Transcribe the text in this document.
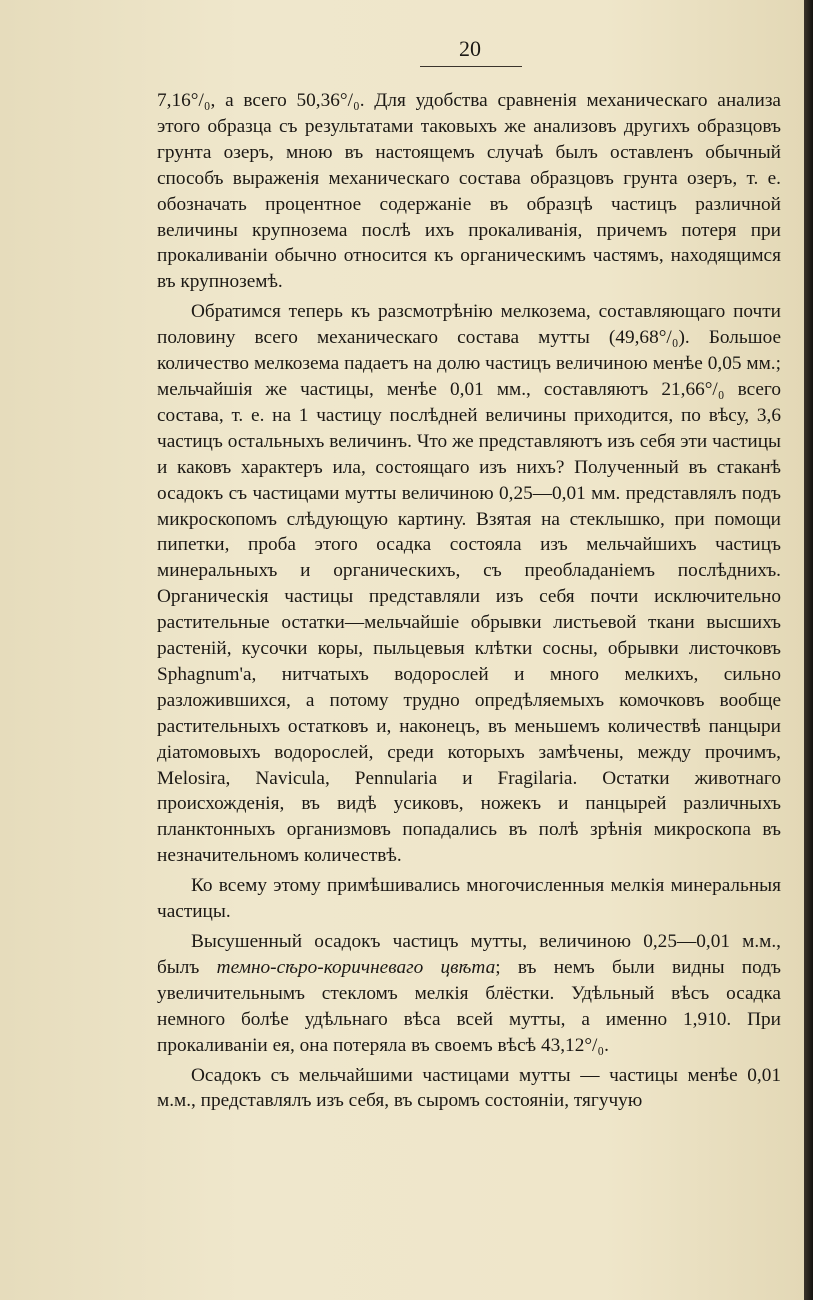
20

7,16°/₀, а всего 50,36°/₀. Для удобства сравненія механическаго анализа этого образца съ результатами таковыхъ же анализовъ другихъ образцовъ грунта озеръ, мною въ настоящемъ случаѣ былъ оставленъ обычный способъ выраженія механическаго состава образцовъ грунта озеръ, т. е. обозначать процентное содержаніе въ образцѣ частицъ различной величины крупнозема послѣ ихъ прокаливанія, причемъ потеря при прокаливаніи обычно относится къ органическимъ частямъ, находящимся въ крупноземѣ.

Обратимся теперь къ разсмотрѣнію мелкозема, составляющаго почти половину всего механическаго состава мутты (49,68°/₀). Большое количество мелкозема падаетъ на долю частицъ величиною менѣе 0,05 мм.; мельчайшія же частицы, менѣе 0,01 мм., составляютъ 21,66°/₀ всего состава, т. е. на 1 частицу послѣдней величины приходится, по вѣсу, 3,6 частицъ остальныхъ величинъ. Что же представляютъ изъ себя эти частицы и каковъ характеръ ила, состоящаго изъ нихъ? Полученный въ стаканѣ осадокъ съ частицами мутты величиною 0,25—0,01 мм. представлялъ подъ микроскопомъ слѣдующую картину. Взятая на стеклышко, при помощи пипетки, проба этого осадка состояла изъ мельчайшихъ частицъ минеральныхъ и органическихъ, съ преобладаніемъ послѣднихъ. Органическія частицы представляли изъ себя почти исключительно растительные остатки—мельчайшіе обрывки листьевой ткани высшихъ растеній, кусочки коры, пыльцевыя клѣтки сосны, обрывки листочковъ Sphagnum'a, нитчатыхъ водорослей и много мелкихъ, сильно разложившихся, а потому трудно опредѣляемыхъ комочковъ вообще растительныхъ остатковъ и, наконецъ, въ меньшемъ количествѣ панцыри діатомовыхъ водорослей, среди которыхъ замѣчены, между прочимъ, Melosira, Navicula, Pennularia и Fragilaria. Остатки животнаго происхожденія, въ видѣ усиковъ, ножекъ и панцырей различныхъ планктонныхъ организмовъ попадались въ полѣ зрѣнія микроскопа въ незначительномъ количествѣ.

Ко всему этому примѣшивались многочисленныя мелкія минеральныя частицы.

Высушенный осадокъ частицъ мутты, величиною 0,25—0,01 м.м., былъ темно-сѣро-коричневаго цвѣта; въ немъ были видны подъ увеличительнымъ стекломъ мелкія блёстки. Удѣльный вѣсъ осадка немного болѣе удѣльнаго вѣса всей мутты, а именно 1,910. При прокаливаніи ея, она потеряла въ своемъ вѣсѣ 43,12°/₀.

Осадокъ съ мельчайшими частицами мутты — частицы менѣе 0,01 м.м., представлялъ изъ себя, въ сыромъ состояніи, тягучую
